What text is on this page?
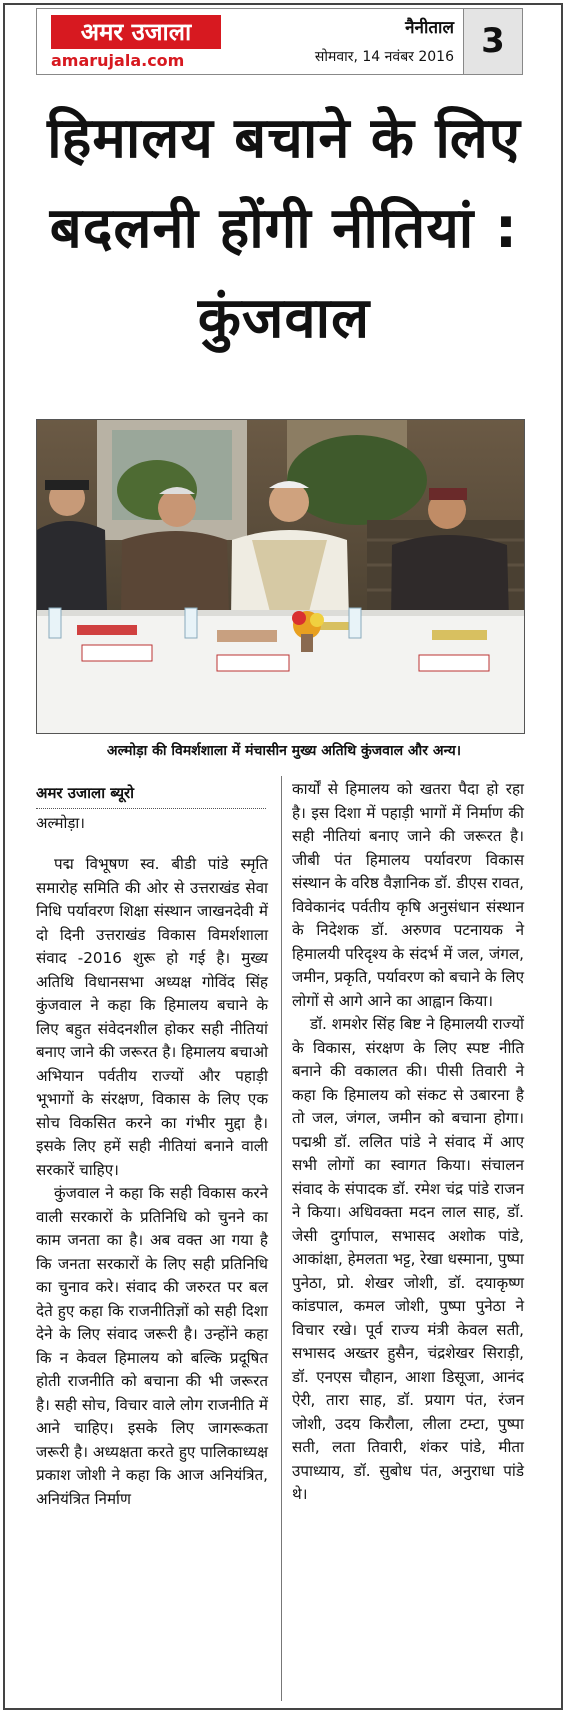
अमर उजाला
amarujala.com
नैनीताल
सोमवार, 14 नवंबर 2016 3
हिमालय बचाने के लिए बदलनी होंगी नीतियां : कुंजवाल
अल्मोड़ा की विमर्शशाला में मंचासीन मुख्य अतिथि कुंजवाल और अन्य।
अमर उजाला ब्यूरो
अल्मोड़ा।

पद्म विभूषण स्व. बीडी पांडे स्मृति समारोह समिति की ओर से उत्तराखंड सेवा निधि पर्यावरण शिक्षा संस्थान जाखनदेवी में दो दिनी उत्तराखंड विकास विमर्शशाला संवाद -2016 शुरू हो गई है। मुख्य अतिथि विधानसभा अध्यक्ष गोविंद सिंह कुंजवाल ने कहा कि हिमालय बचाने के लिए बहुत संवेदनशील होकर सही नीतियां बनाए जाने की जरूरत है। हिमालय बचाओ अभियान पर्वतीय राज्यों और पहाड़ी भूभागों के संरक्षण, विकास के लिए एक सोच विकसित करने का गंभीर मुद्दा है। इसके लिए हमें सही नीतियां बनाने वाली सरकारें चाहिए।

कुंजवाल ने कहा कि सही विकास करने वाली सरकारों के प्रतिनिधि को चुनने का काम जनता का है। अब वक्त आ गया है कि जनता सरकारों के लिए सही प्रतिनिधि का चुनाव करे। संवाद की जरुरत पर बल देते हुए कहा कि राजनीतिज्ञों को सही दिशा देने के लिए संवाद जरूरी है। उन्होंने कहा कि न केवल हिमालय को बल्कि प्रदूषित होती राजनीति को बचाना की भी जरूरत है। सही सोच, विचार वाले लोग राजनीति में आने चाहिए। इसके लिए जागरूकता जरूरी है। अध्यक्षता करते हुए पालिकाध्यक्ष प्रकाश जोशी ने कहा कि आज अनियंत्रित, अनियंत्रित निर्माण

कार्यों से हिमालय को खतरा पैदा हो रहा है। इस दिशा में पहाड़ी भागों में निर्माण की सही नीतियां बनाए जाने की जरूरत है। जीबी पंत हिमालय पर्यावरण विकास संस्थान के वरिष्ठ वैज्ञानिक डॉ. डीएस रावत, विवेकानंद पर्वतीय कृषि अनुसंधान संस्थान के निदेशक डॉ. अरुणव पटनायक ने हिमालयी परिदृश्य के संदर्भ में जल, जंगल, जमीन, प्रकृति, पर्यावरण को बचाने के लिए लोगों से आगे आने का आह्वान किया।

डॉ. शमशेर सिंह बिष्ट ने हिमालयी राज्यों के विकास, संरक्षण के लिए स्पष्ट नीति बनाने की वकालत की। पीसी तिवारी ने कहा कि हिमालय को संकट से उबारना है तो जल, जंगल, जमीन को बचाना होगा। पद्मश्री डॉ. ललित पांडे ने संवाद में आए सभी लोगों का स्वागत किया। संचालन संवाद के संपादक डॉ. रमेश चंद्र पांडे राजन ने किया। अधिवक्ता मदन लाल साह, डॉ. जेसी दुर्गापाल, सभासद अशोक पांडे, आकांक्षा, हेमलता भट्ट, रेखा धस्माना, पुष्पा पुनेठा, प्रो. शेखर जोशी, डॉ. दयाकृष्ण कांडपाल, कमल जोशी, पुष्पा पुनेठा ने विचार रखे। पूर्व राज्य मंत्री केवल सती, सभासद अख्तर हुसैन, चंद्रशेखर सिराड़ी, डॉ. एनएस चौहान, आशा डिसूजा, आनंद ऐरी, तारा साह, डॉ. प्रयाग पंत, रंजन जोशी, उदय किरौला, लीला टम्टा, पुष्पा सती, लता तिवारी, शंकर पांडे, मीता उपाध्याय, डॉ. सुबोध पंत, अनुराधा पांडे थे।
